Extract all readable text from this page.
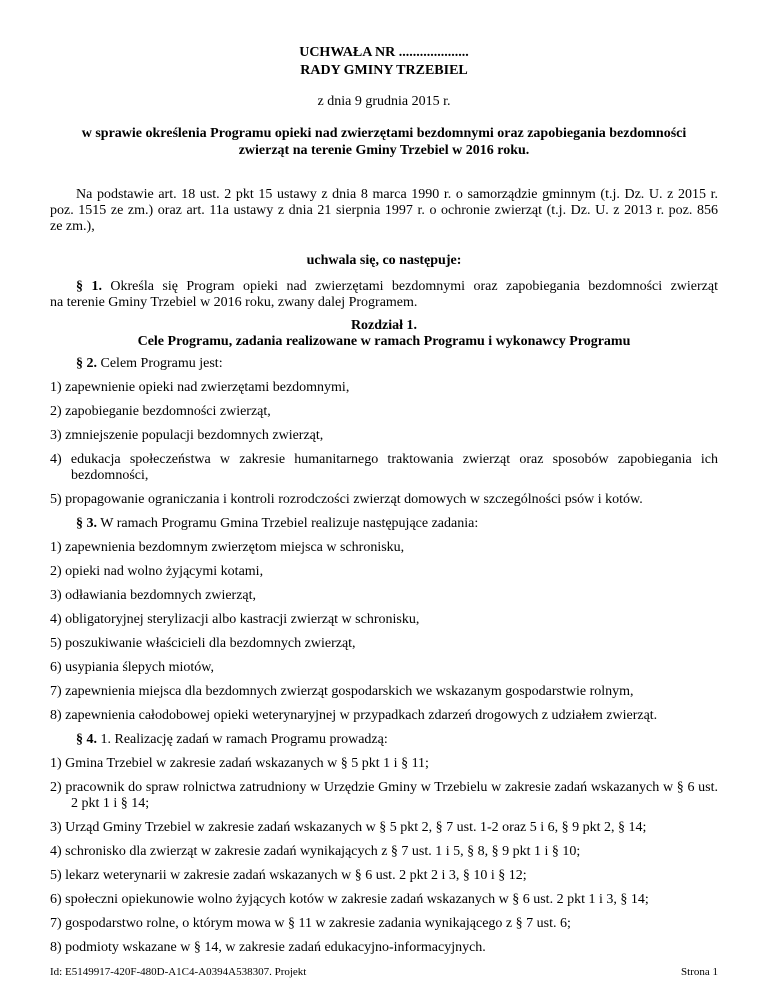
UCHWAŁA NR ....................
RADY GMINY TRZEBIEL
z dnia 9 grudnia 2015 r.
w sprawie określenia Programu opieki nad zwierzętami bezdomnymi oraz zapobiegania bezdomności
zwierząt na terenie Gminy Trzebiel w 2016 roku.
Na podstawie art. 18 ust. 2 pkt 15 ustawy z dnia 8 marca 1990 r. o samorządzie gminnym (t.j. Dz. U. z 2015 r.
poz. 1515 ze zm.) oraz art. 11a ustawy z dnia 21 sierpnia 1997 r. o ochronie zwierząt (t.j. Dz. U. z 2013 r. poz. 856
ze zm.),
uchwala się, co następuje:
§ 1. Określa się Program opieki nad zwierzętami bezdomnymi oraz zapobiegania bezdomności zwierząt
na terenie Gminy Trzebiel w 2016 roku, zwany dalej Programem.
Rozdział 1.
Cele Programu, zadania realizowane w ramach Programu i wykonawcy Programu
§ 2. Celem Programu jest:
1) zapewnienie opieki nad zwierzętami bezdomnymi,
2) zapobieganie bezdomności zwierząt,
3) zmniejszenie populacji bezdomnych zwierząt,
4) edukacja społeczeństwa w zakresie humanitarnego traktowania zwierząt oraz sposobów zapobiegania ich bezdomności,
5) propagowanie ograniczania i kontroli rozrodczości zwierząt domowych w szczególności psów i kotów.
§ 3. W ramach Programu Gmina Trzebiel realizuje następujące zadania:
1) zapewnienia bezdomnym zwierzętom miejsca w schronisku,
2) opieki nad wolno żyjącymi kotami,
3) odławiania bezdomnych zwierząt,
4) obligatoryjnej sterylizacji albo kastracji zwierząt w schronisku,
5) poszukiwanie właścicieli dla bezdomnych zwierząt,
6) usypiania ślepych miotów,
7) zapewnienia miejsca dla bezdomnych zwierząt gospodarskich we wskazanym gospodarstwie rolnym,
8) zapewnienia całodobowej opieki weterynaryjnej w przypadkach zdarzeń drogowych z udziałem zwierząt.
§ 4. 1. Realizację zadań w ramach Programu prowadzą:
1) Gmina Trzebiel w zakresie zadań wskazanych w § 5 pkt 1 i § 11;
2) pracownik do spraw rolnictwa zatrudniony w Urzędzie Gminy w Trzebielu w zakresie zadań wskazanych w § 6 ust. 2 pkt 1 i § 14;
3) Urząd Gminy Trzebiel w zakresie zadań wskazanych w § 5 pkt 2, § 7 ust. 1-2 oraz 5 i 6, § 9 pkt 2, § 14;
4) schronisko dla zwierząt w zakresie zadań wynikających z § 7 ust. 1 i 5, § 8, § 9 pkt 1 i § 10;
5) lekarz weterynarii w zakresie zadań wskazanych w § 6 ust. 2 pkt 2 i 3, § 10 i § 12;
6) społeczni opiekunowie wolno żyjących kotów w zakresie zadań wskazanych w § 6 ust. 2 pkt 1 i 3, § 14;
7) gospodarstwo rolne, o którym mowa w § 11 w zakresie zadania wynikającego z § 7 ust. 6;
8) podmioty wskazane w § 14, w zakresie zadań edukacyjno-informacyjnych.
Id: E5149917-420F-480D-A1C4-A0394A538307. Projekt	Strona 1
